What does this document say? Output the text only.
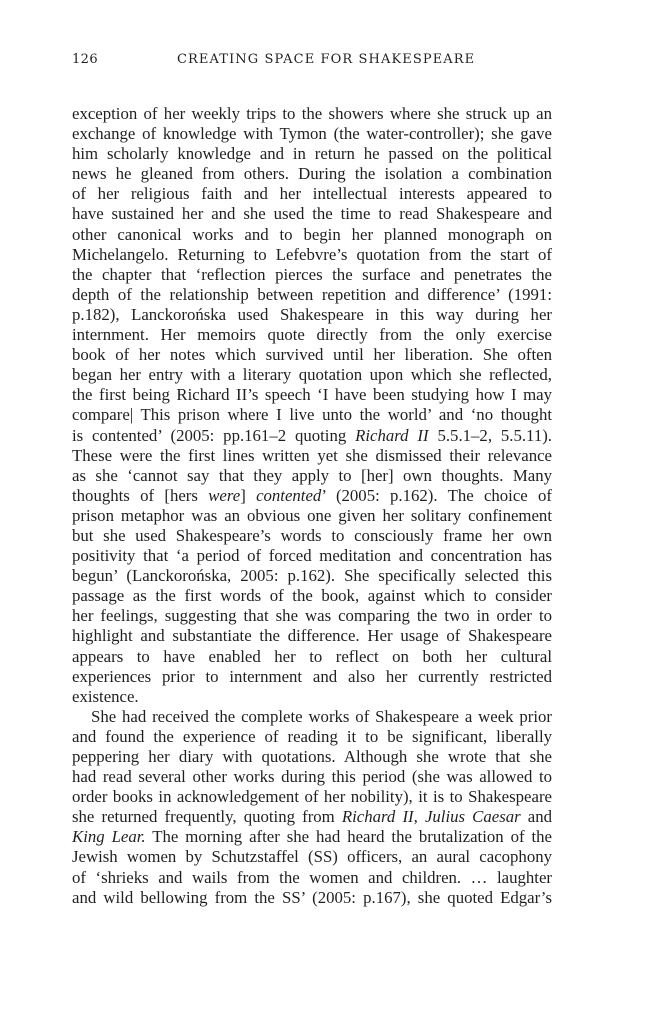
126	CREATING SPACE FOR SHAKESPEARE
exception of her weekly trips to the showers where she struck up an
exchange of knowledge with Tymon (the water-controller); she gave
him scholarly knowledge and in return he passed on the political
news he gleaned from others. During the isolation a combination
of her religious faith and her intellectual interests appeared to
have sustained her and she used the time to read Shakespeare and
other canonical works and to begin her planned monograph on
Michelangelo. Returning to Lefebvre’s quotation from the start of
the chapter that ‘reflection pierces the surface and penetrates the
depth of the relationship between repetition and difference’ (1991:
p.182), Lanckorońska used Shakespeare in this way during her
internment. Her memoirs quote directly from the only exercise
book of her notes which survived until her liberation. She often
began her entry with a literary quotation upon which she reflected,
the first being Richard II’s speech ‘I have been studying how I may
compare| This prison where I live unto the world’ and ‘no thought
is contented’ (2005: pp.161–2 quoting Richard II 5.5.1–2, 5.5.11).
These were the first lines written yet she dismissed their relevance
as she ‘cannot say that they apply to [her] own thoughts. Many
thoughts of [hers were] contented’ (2005: p.162). The choice of
prison metaphor was an obvious one given her solitary confinement
but she used Shakespeare’s words to consciously frame her own
positivity that ‘a period of forced meditation and concentration has
begun’ (Lanckorońska, 2005: p.162). She specifically selected this
passage as the first words of the book, against which to consider
her feelings, suggesting that she was comparing the two in order to
highlight and substantiate the difference. Her usage of Shakespeare
appears to have enabled her to reflect on both her cultural
experiences prior to internment and also her currently restricted
existence.
She had received the complete works of Shakespeare a week prior
and found the experience of reading it to be significant, liberally
peppering her diary with quotations. Although she wrote that she
had read several other works during this period (she was allowed to
order books in acknowledgement of her nobility), it is to Shakespeare
she returned frequently, quoting from Richard II, Julius Caesar and
King Lear. The morning after she had heard the brutalization of the
Jewish women by Schutzstaffel (SS) officers, an aural cacophony
of ‘shrieks and wails from the women and children. … laughter
and wild bellowing from the SS’ (2005: p.167), she quoted Edgar’s
